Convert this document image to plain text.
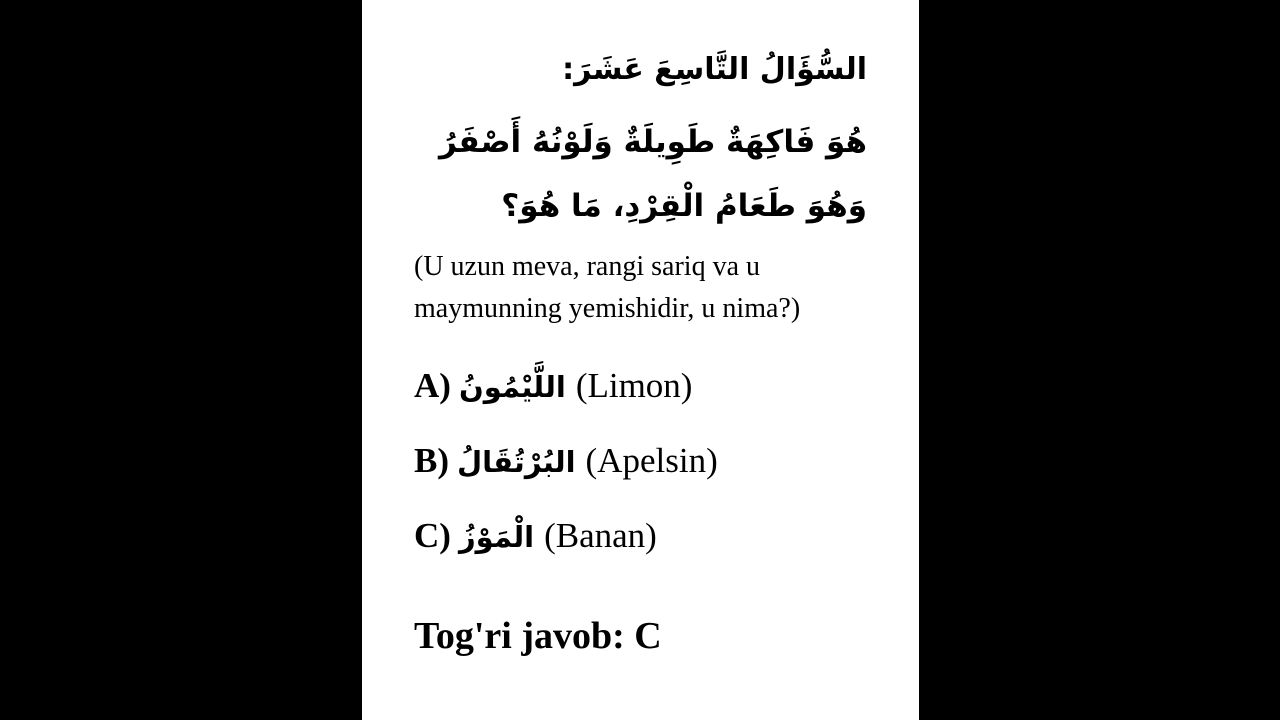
السُّؤَالُ التَّاسِعَ عَشَرَ:
هُوَ فَاكِهَةٌ طَوِيلَةٌ وَلَوْنُهُ أَصْفَرُ
وَهُوَ طَعَامُ الْقِرْدِ، مَا هُوَ؟
(U uzun meva, rangi sariq va u maymunning yemishidir, u nima?)
A) اللَّيْمُونُ (Limon)
B) البُرْتُقَالُ (Apelsin)
C) الْمَوْزُ (Banan)
Tog'ri javob: C
